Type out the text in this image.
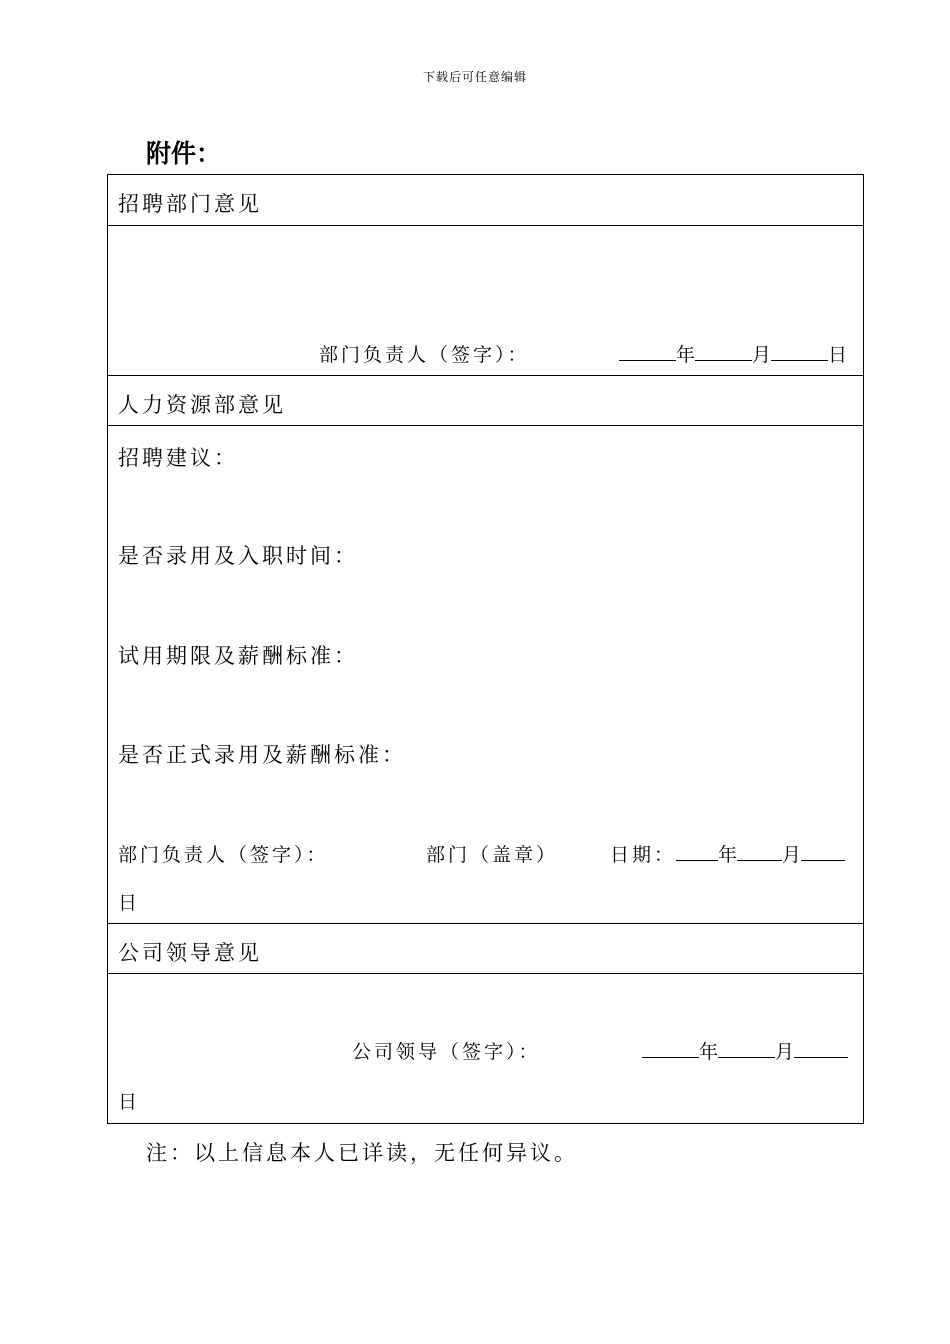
下载后可任意编辑
附件：
招聘部门意见
部门负责人（签字）：	年	月	日
人力资源部意见
招聘建议：
是否录用及入职时间：
试用期限及薪酬标准：
是否正式录用及薪酬标准：
部门负责人（签字）：	部门（盖章）	日期： 年 月
日
公司领导意见
公司领导（签字）：	年	月
日
注：以上信息本人已详读，无任何异议。
